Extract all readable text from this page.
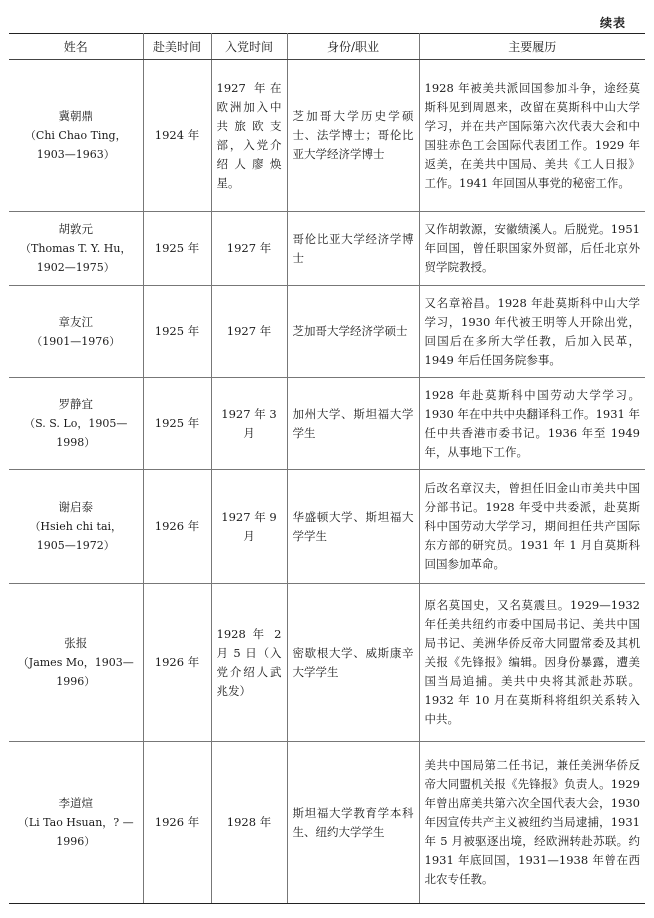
续表
姓名	赴美时间	入党时间	身份/职业	主要履历

冀朝鼎
（Chi Chao Ting，
1903—1963）	1924 年	1927 年在欧洲加入中共旅欧支部，入党介绍人廖焕星。	芝加哥大学历史学硕士、法学博士；哥伦比亚大学经济学博士	1928 年被美共派回国参加斗争，途经莫斯科见到周恩来，改留在莫斯科中山大学学习，并在共产国际第六次代表大会和中国驻赤色工会国际代表团工作。1929 年返美，在美共中国局、美共《工人日报》工作。1941 年回国从事党的秘密工作。

胡敦元
（Thomas T. Y. Hu，
1902—1975）	1925 年	1927 年	哥伦比亚大学经济学博士	又作胡敦源，安徽绩溪人。后脱党。1951 年回国，曾任职国家外贸部，后任北京外贸学院教授。

章友江
（1901—1976）	1925 年	1927 年	芝加哥大学经济学硕士	又名章裕昌。1928 年赴莫斯科中山大学学习，1930 年代被王明等人开除出党，回国后在多所大学任教，后加入民革，1949 年后任国务院参事。

罗静宜
（S. S. Lo，1905—1998）	1925 年	1927 年 3 月	加州大学、斯坦福大学学生	1928 年赴莫斯科中国劳动大学学习。1930 年在中共中央翻译科工作。1931 年任中共香港市委书记。1936 年至 1949 年，从事地下工作。

谢启泰
（Hsieh chi tai，
1905—1972）	1926 年	1927 年 9 月	华盛顿大学、斯坦福大学学生	后改名章汉夫，曾担任旧金山市美共中国分部书记。1928 年受中共委派，赴莫斯科中国劳动大学学习，期间担任共产国际东方部的研究员。1931 年 1 月自莫斯科回国参加革命。

张报
（James Mo，1903—1996）	1926 年	1928 年 2 月 5 日（入党介绍人武兆发）	密歇根大学、威斯康辛大学学生	原名莫国史，又名莫震旦。1929—1932 年任美共纽约市委中国局书记、美共中国局书记、美洲华侨反帝大同盟常委及其机关报《先锋报》编辑。因身份暴露，遭美国当局追捕。美共中央将其派赴苏联。1932 年 10 月在莫斯科将组织关系转入中共。

李道煊
（Li Tao Hsuan，? —1996）	1926 年	1928 年	斯坦福大学教育学本科生、纽约大学学生	美共中国局第二任书记，兼任美洲华侨反帝大同盟机关报《先锋报》负责人。1929 年曾出席美共第六次全国代表大会，1930 年因宣传共产主义被纽约当局逮捕，1931 年 5 月被驱逐出境，经欧洲转赴苏联。约 1931 年底回国，1931—1938 年曾在西北农专任教。
